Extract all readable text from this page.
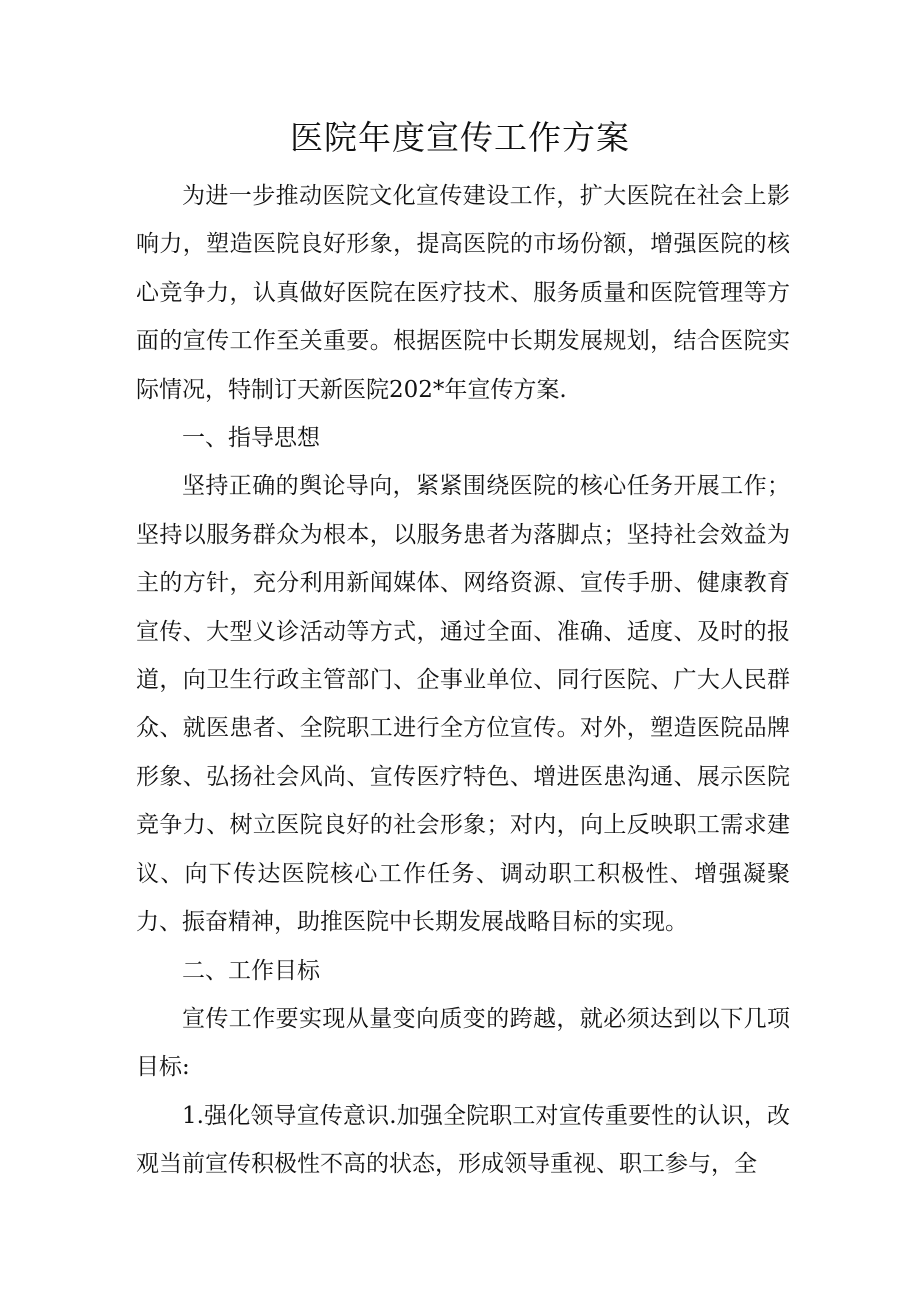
医院年度宣传工作方案

为进一步推动医院文化宣传建设工作，扩大医院在社会上影响力，塑造医院良好形象，提高医院的市场份额，增强医院的核心竞争力，认真做好医院在医疗技术、服务质量和医院管理等方面的宣传工作至关重要。根据医院中长期发展规划，结合医院实际情况，特制订天新医院202*年宣传方案.

一、指导思想

坚持正确的舆论导向，紧紧围绕医院的核心任务开展工作；坚持以服务群众为根本，以服务患者为落脚点；坚持社会效益为主的方针，充分利用新闻媒体、网络资源、宣传手册、健康教育宣传、大型义诊活动等方式，通过全面、准确、适度、及时的报道，向卫生行政主管部门、企事业单位、同行医院、广大人民群众、就医患者、全院职工进行全方位宣传。对外，塑造医院品牌形象、弘扬社会风尚、宣传医疗特色、增进医患沟通、展示医院竞争力、树立医院良好的社会形象；对内，向上反映职工需求建议、向下传达医院核心工作任务、调动职工积极性、增强凝聚力、振奋精神，助推医院中长期发展战略目标的实现。

二、工作目标

宣传工作要实现从量变向质变的跨越，就必须达到以下几项目标:

1.强化领导宣传意识.加强全院职工对宣传重要性的认识，改观当前宣传积极性不高的状态，形成领导重视、职工参与，全
